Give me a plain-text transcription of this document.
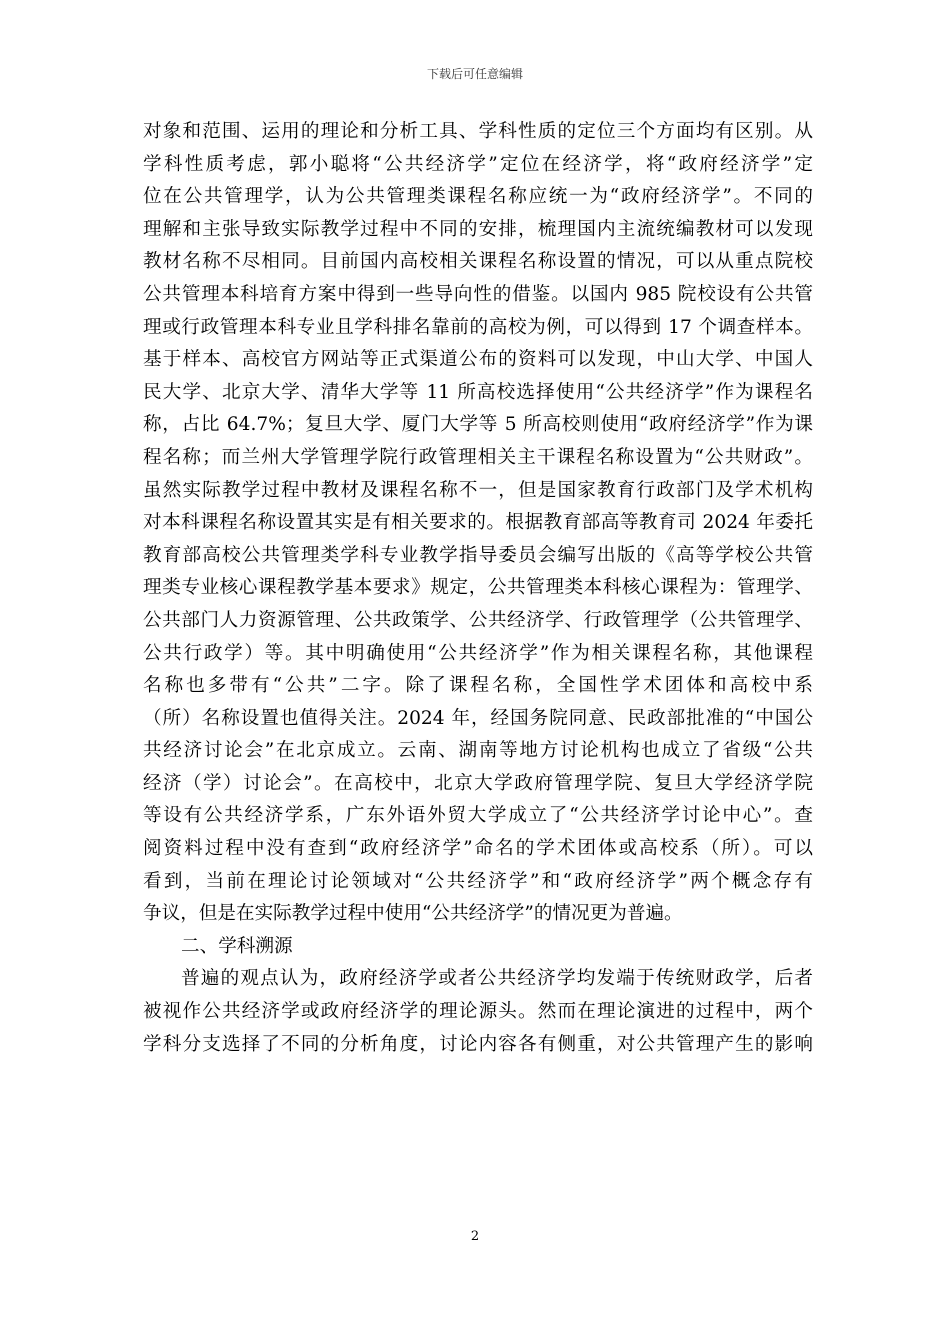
下载后可任意编辑
对象和范围、运用的理论和分析工具、学科性质的定位三个方面均有区别。从
学科性质考虑，郭小聪将“公共经济学”定位在经济学，将“政府经济学”定
位在公共管理学，认为公共管理类课程名称应统一为“政府经济学”。不同的
理解和主张导致实际教学过程中不同的安排，梳理国内主流统编教材可以发现
教材名称不尽相同。目前国内高校相关课程名称设置的情况，可以从重点院校
公共管理本科培育方案中得到一些导向性的借鉴。以国内 985 院校设有公共管
理或行政管理本科专业且学科排名靠前的高校为例，可以得到 17 个调查样本。
基于样本、高校官方网站等正式渠道公布的资料可以发现，中山大学、中国人
民大学、北京大学、清华大学等 11 所高校选择使用“公共经济学”作为课程名
称，占比 64.7%；复旦大学、厦门大学等 5 所高校则使用“政府经济学”作为课
程名称；而兰州大学管理学院行政管理相关主干课程名称设置为“公共财政”。
虽然实际教学过程中教材及课程名称不一，但是国家教育行政部门及学术机构
对本科课程名称设置其实是有相关要求的。根据教育部高等教育司 2024 年委托
教育部高校公共管理类学科专业教学指导委员会编写出版的《高等学校公共管
理类专业核心课程教学基本要求》规定，公共管理类本科核心课程为：管理学、
公共部门人力资源管理、公共政策学、公共经济学、行政管理学（公共管理学、
公共行政学）等。其中明确使用“公共经济学”作为相关课程名称，其他课程
名称也多带有“公共”二字。除了课程名称，全国性学术团体和高校中系
（所）名称设置也值得关注。2024 年，经国务院同意、民政部批准的“中国公
共经济讨论会”在北京成立。云南、湖南等地方讨论机构也成立了省级“公共
经济（学）讨论会”。在高校中，北京大学政府管理学院、复旦大学经济学院
等设有公共经济学系，广东外语外贸大学成立了“公共经济学讨论中心”。查
阅资料过程中没有查到“政府经济学”命名的学术团体或高校系（所）。可以
看到，当前在理论讨论领域对“公共经济学”和“政府经济学”两个概念存有
争议，但是在实际教学过程中使用“公共经济学”的情况更为普遍。
二、学科溯源
普遍的观点认为，政府经济学或者公共经济学均发端于传统财政学，后者
被视作公共经济学或政府经济学的理论源头。然而在理论演进的过程中，两个
学科分支选择了不同的分析角度，讨论内容各有侧重，对公共管理产生的影响
2
